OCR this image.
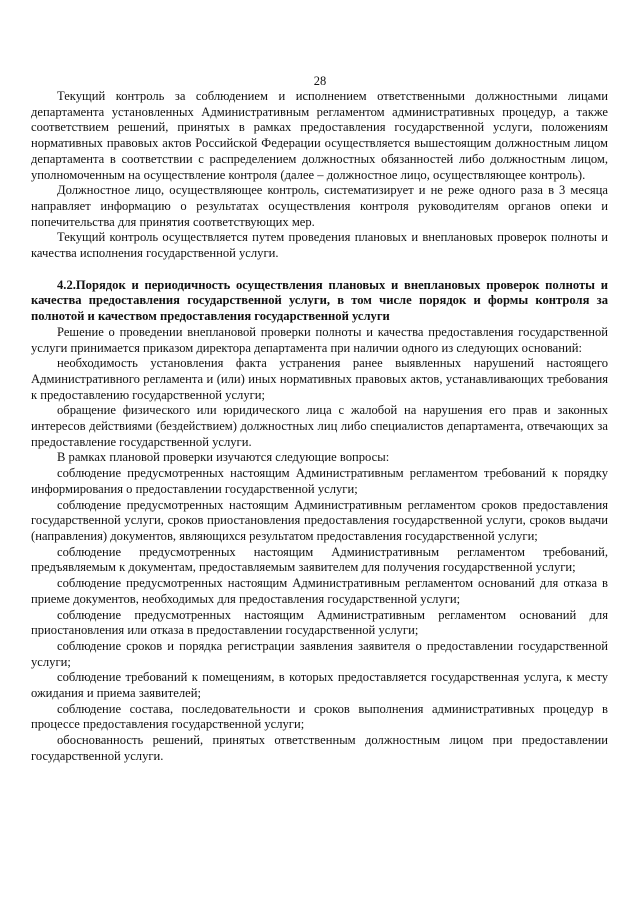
28

Текущий контроль за соблюдением и исполнением ответственными должностными лицами департамента установленных Административным регламентом административных процедур, а также соответствием решений, принятых в рамках предоставления государственной услуги, положениям нормативных правовых актов Российской Федерации осуществляется вышестоящим должностным лицом департамента в соответствии с распределением должностных обязанностей либо должностным лицом, уполномоченным на осуществление контроля (далее – должностное лицо, осуществляющее контроль).

Должностное лицо, осуществляющее контроль, систематизирует и не реже одного раза в 3 месяца направляет информацию о результатах осуществления контроля руководителям органов опеки и попечительства для принятия соответствующих мер.

Текущий контроль осуществляется путем проведения плановых и внеплановых проверок полноты и качества исполнения государственной услуги.

4.2.Порядок и периодичность осуществления плановых и внеплановых проверок полноты и качества предоставления государственной услуги, в том числе порядок и формы контроля за полнотой и качеством предоставления государственной услуги

Решение о проведении внеплановой проверки полноты и качества предоставления государственной услуги принимается приказом директора департамента при наличии одного из следующих оснований:

необходимость установления факта устранения ранее выявленных нарушений настоящего Административного регламента и (или) иных нормативных правовых актов, устанавливающих требования к предоставлению государственной услуги;

обращение физического или юридического лица с жалобой на нарушения его прав и законных интересов действиями (бездействием) должностных лиц либо специалистов департамента, отвечающих за предоставление государственной услуги.

В рамках плановой проверки изучаются следующие вопросы:

соблюдение предусмотренных настоящим Административным регламентом требований к порядку информирования о предоставлении государственной услуги;

соблюдение предусмотренных настоящим Административным регламентом сроков предоставления государственной услуги, сроков приостановления предоставления государственной услуги, сроков выдачи (направления) документов, являющихся результатом предоставления государственной услуги;

соблюдение предусмотренных настоящим Административным регламентом требований, предъявляемым к документам, предоставляемым заявителем для получения государственной услуги;

соблюдение предусмотренных настоящим Административным регламентом оснований для отказа в приеме документов, необходимых для предоставления государственной услуги;

соблюдение предусмотренных настоящим Административным регламентом оснований для приостановления или отказа в предоставлении государственной услуги;

соблюдение сроков и порядка регистрации заявления заявителя о предоставлении государственной услуги;

соблюдение требований к помещениям, в которых предоставляется государственная услуга, к месту ожидания и приема заявителей;

соблюдение состава, последовательности и сроков выполнения административных процедур в процессе предоставления государственной услуги;

обоснованность решений, принятых ответственным должностным лицом при предоставлении государственной услуги.
